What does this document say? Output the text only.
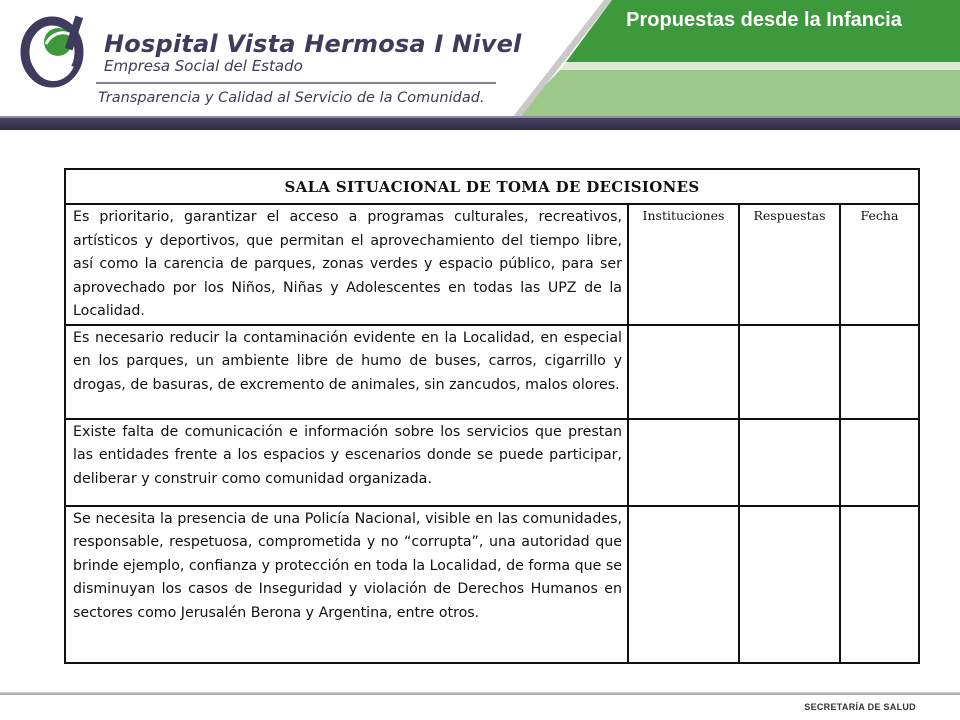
Propuestas desde la Infancia
Hospital Vista Hermosa I Nivel
Empresa Social del Estado
Transparencia y Calidad al Servicio de la Comunidad.
SALA SITUACIONAL DE TOMA DE DECISIONES			
Es prioritario, garantizar el acceso a programas culturales, recreativos, artísticos y deportivos, que permitan el aprovechamiento del tiempo libre, así como la carencia de parques, zonas verdes y espacio público, para ser aprovechado por los Niños, Niñas y Adolescentes en todas las UPZ de la Localidad.	Instituciones	Respuestas	Fecha
Es necesario reducir la contaminación evidente en la Localidad, en especial en los parques, un ambiente libre de humo de buses, carros, cigarrillo y drogas, de basuras, de excremento de animales, sin zancudos, malos olores.			
Existe falta de comunicación e información sobre los servicios que prestan las entidades frente a los espacios y escenarios donde se puede participar, deliberar y construir como comunidad organizada.			
Se necesita la presencia de una Policía Nacional, visible en las comunidades, responsable, respetuosa, comprometida y no “corrupta”, una autoridad que brinde ejemplo, confianza y protección en toda la Localidad, de forma que se disminuyan los casos de Inseguridad y violación de Derechos Humanos en sectores como Jerusalén Berona y Argentina, entre otros.			
SECRETARÍA DE SALUD
